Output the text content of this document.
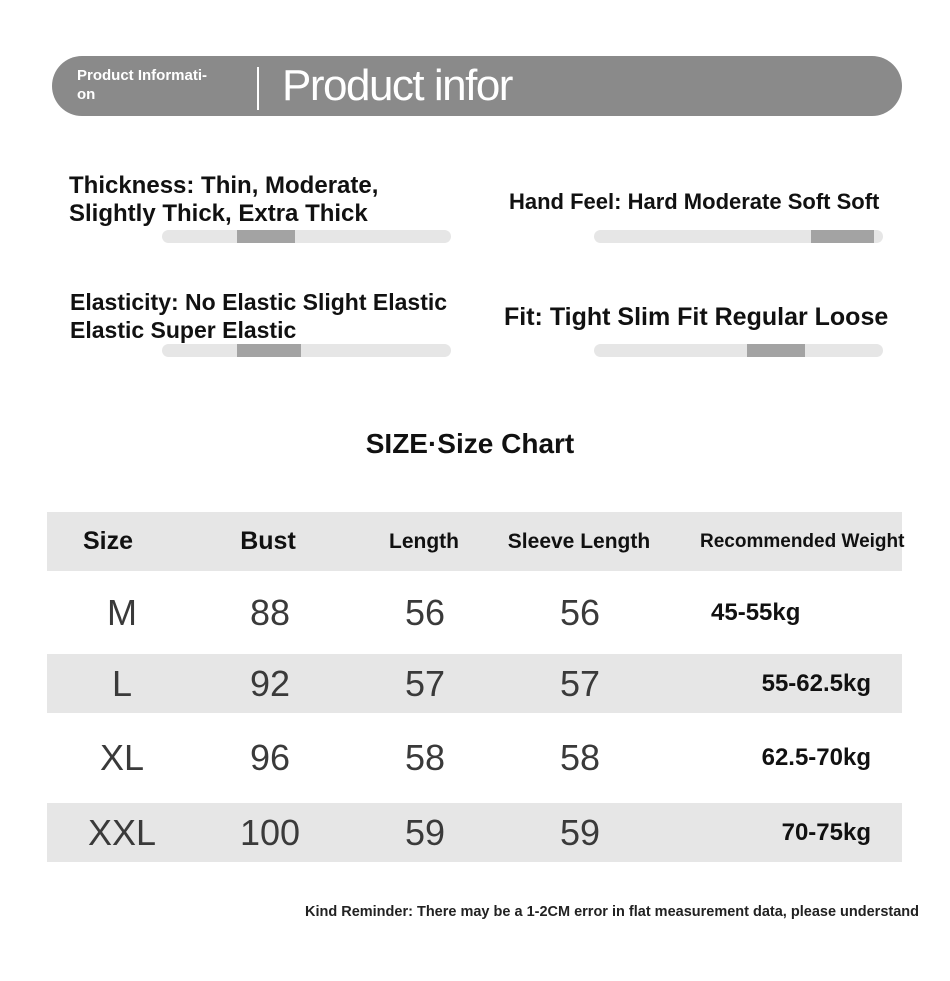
Product Informati-
on	Product infor
Thickness: Thin, Moderate,
Slightly Thick, Extra Thick	Hand Feel: Hard Moderate Soft Soft
Elasticity: No Elastic Slight Elastic
Elastic Super Elastic	Fit: Tight Slim Fit Regular Loose
SIZE·Size Chart
Size	Bust	Length	Sleeve Length	Recommended Weight
M	88	56	56	45-55kg
L	92	57	57	55-62.5kg
XL	96	58	58	62.5-70kg
XXL	100	59	59	70-75kg
Kind Reminder: There may be a 1-2CM error in flat measurement data, please understand
